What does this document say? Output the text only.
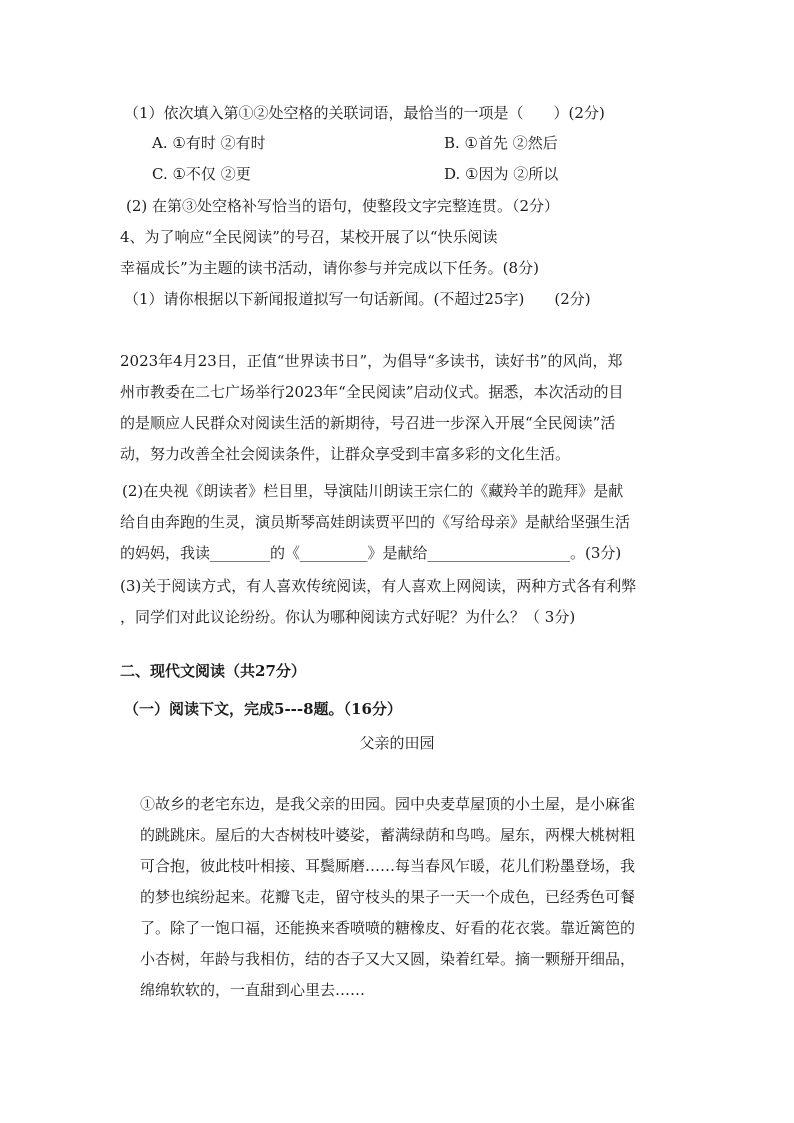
（1）依次填入第①②处空格的关联词语，最恰当的一项是（　　）(2分)
A. ①有时 ②有时	B. ①首先 ②然后
C. ①不仅 ②更	D. ①因为 ②所以
(2) 在第③处空格补写恰当的语句，使整段文字完整连贯。（2分）
4、为了响应“全民阅读”的号召，某校开展了以“快乐阅读
幸福成长”为主题的读书活动，请你参与并完成以下任务。(8分)
（1）请你根据以下新闻报道拟写一句话新闻。(不超过25字)　　(2分)
2023年4月23日，正值“世界读书日”，为倡导“多读书，读好书”的风尚，郑
州市教委在二七广场举行2023年“全民阅读”启动仪式。据悉，本次活动的目
的是顺应人民群众对阅读生活的新期待，号召进一步深入开展“全民阅读”活
动，努力改善全社会阅读条件，让群众享受到丰富多彩的文化生活。
(2)在央视《朗读者》栏目里，导演陆川朗读王宗仁的《藏羚羊的跪拜》是献
给自由奔跑的生灵，演员斯琴高娃朗读贾平凹的《写给母亲》是献给坚强生活
的妈妈，我读________的《_________》是献给___________________。(3分)
(3)关于阅读方式，有人喜欢传统阅读，有人喜欢上网阅读，两种方式各有利弊
，同学们对此议论纷纷。你认为哪种阅读方式好呢？为什么？（ 3分)
二、现代文阅读（共27分）
（一）阅读下文，完成5---8题。（16分）
父亲的田园
①故乡的老宅东边，是我父亲的田园。园中央麦草屋顶的小土屋，是小麻雀
的跳跳床。屋后的大杏树枝叶婆娑，蓄满绿荫和鸟鸣。屋东，两棵大桃树粗
可合抱，彼此枝叶相接、耳鬓厮磨……每当春风乍暖，花儿们粉墨登场，我
的梦也缤纷起来。花瓣飞走，留守枝头的果子一天一个成色，已经秀色可餐
了。除了一饱口福，还能换来香喷喷的糖橡皮、好看的花衣裳。靠近篱笆的
小杏树，年龄与我相仿，结的杏子又大又圆，染着红晕。摘一颗掰开细品，
绵绵软软的，一直甜到心里去……
